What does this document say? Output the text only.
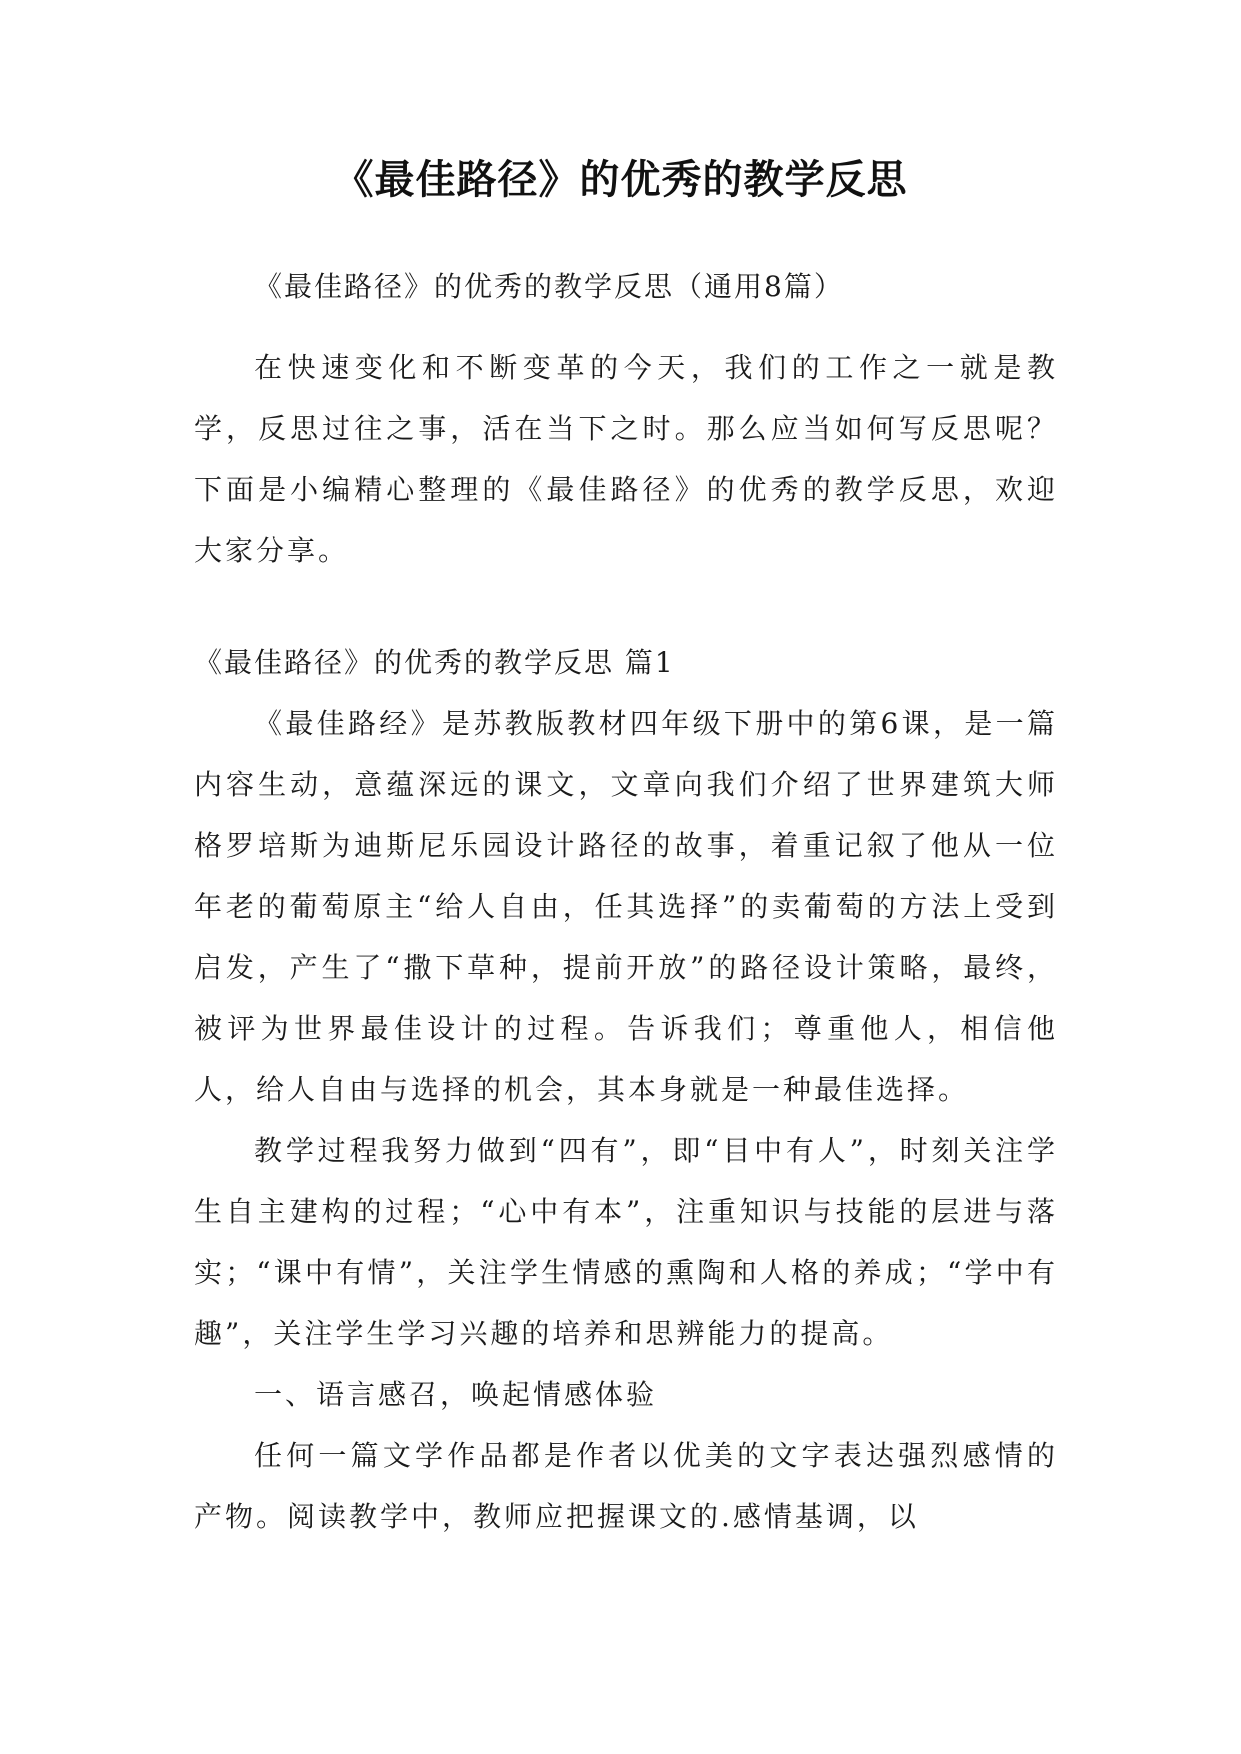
《最佳路径》的优秀的教学反思
《最佳路径》的优秀的教学反思（通用8篇）
在快速变化和不断变革的今天，我们的工作之一就是教学，反思过往之事，活在当下之时。那么应当如何写反思呢？下面是小编精心整理的《最佳路径》的优秀的教学反思，欢迎大家分享。
《最佳路径》的优秀的教学反思 篇1

《最佳路经》是苏教版教材四年级下册中的第6课，是一篇内容生动，意蕴深远的课文，文章向我们介绍了世界建筑大师格罗培斯为迪斯尼乐园设计路径的故事，着重记叙了他从一位年老的葡萄原主“给人自由，任其选择”的卖葡萄的方法上受到启发，产生了“撒下草种，提前开放”的路径设计策略，最终，被评为世界最佳设计的过程。告诉我们；尊重他人，相信他人，给人自由与选择的机会，其本身就是一种最佳选择。

教学过程我努力做到“四有”，即“目中有人”，时刻关注学生自主建构的过程；“心中有本”，注重知识与技能的层进与落实；“课中有情”，关注学生情感的熏陶和人格的养成；“学中有趣”，关注学生学习兴趣的培养和思辨能力的提高。

一、语言感召，唤起情感体验

任何一篇文学作品都是作者以优美的文字表达强烈感情的产物。阅读教学中，教师应把握课文的.感情基调，以
